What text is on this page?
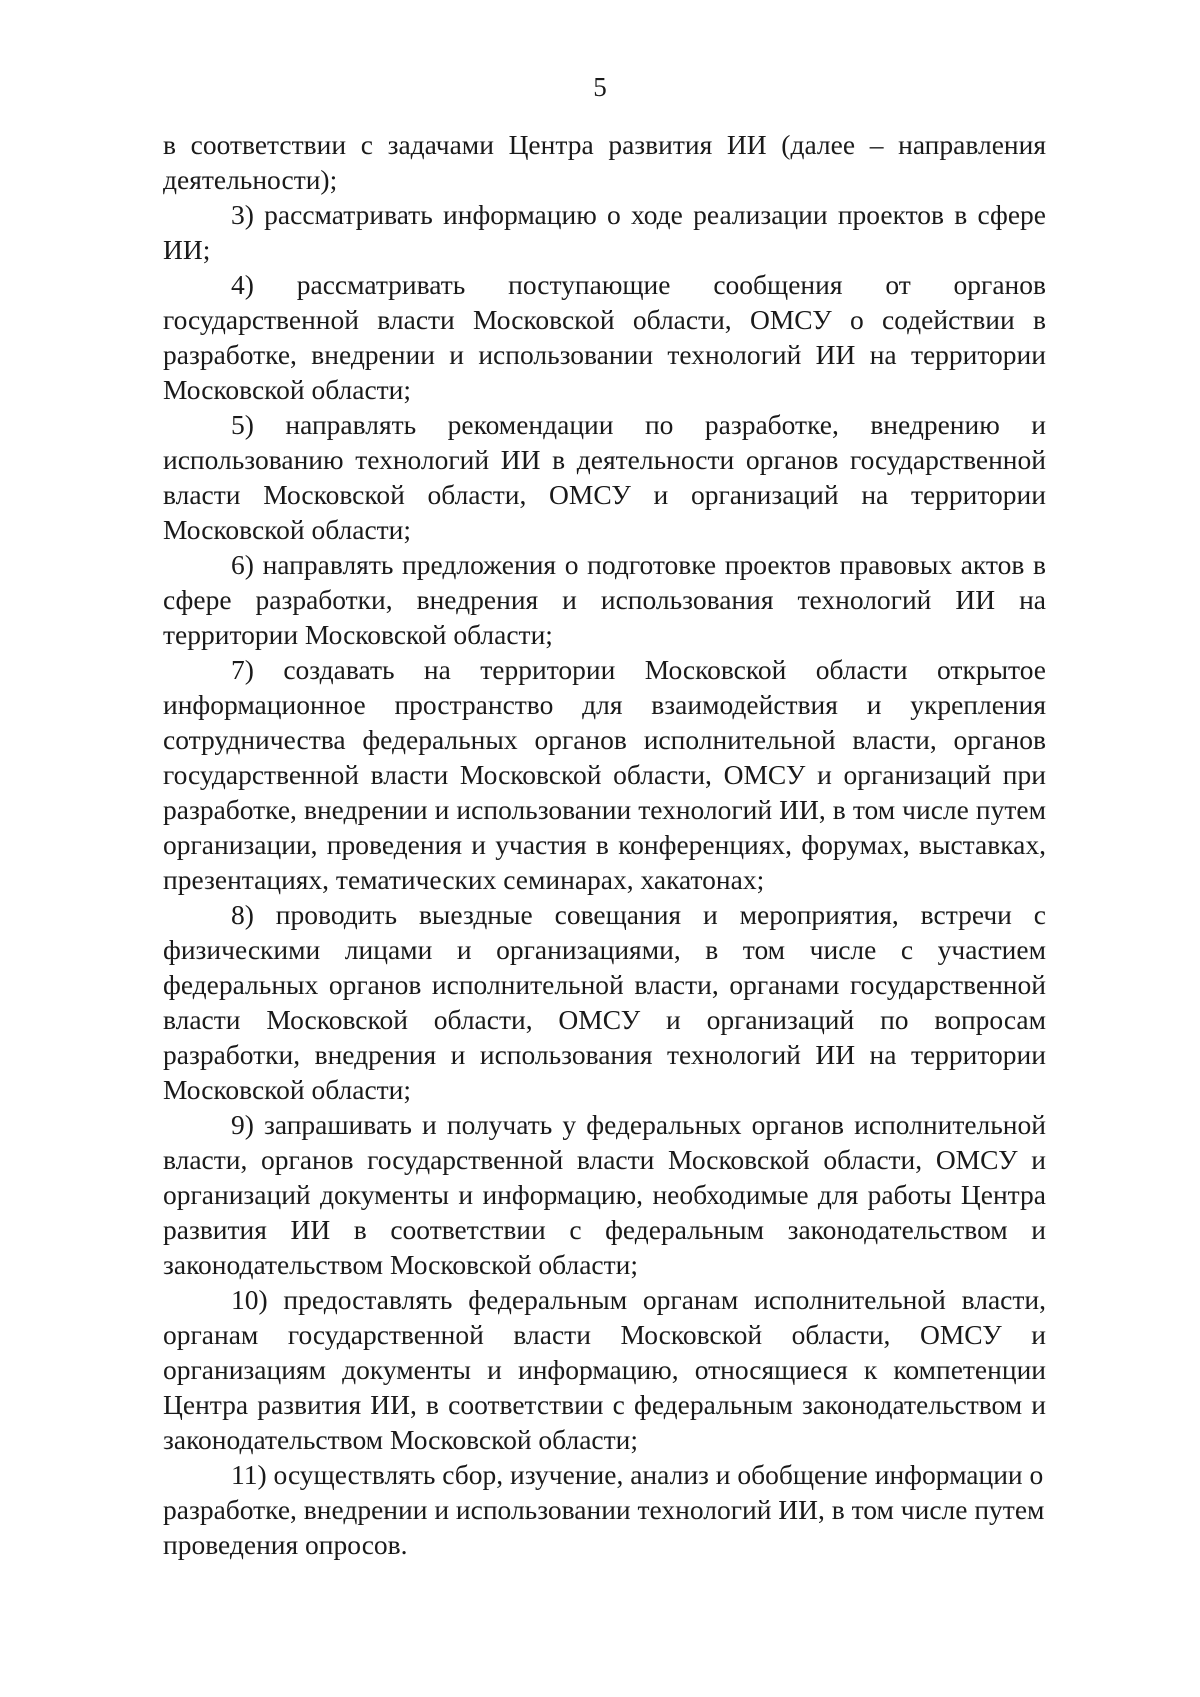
5

в соответствии с задачами Центра развития ИИ (далее – направления деятельности);

3) рассматривать информацию о ходе реализации проектов в сфере ИИ;

4) рассматривать поступающие сообщения от органов государственной власти Московской области, ОМСУ о содействии в разработке, внедрении и использовании технологий ИИ на территории Московской области;

5) направлять рекомендации по разработке, внедрению и использованию технологий ИИ в деятельности органов государственной власти Московской области, ОМСУ и организаций на территории Московской области;

6) направлять предложения о подготовке проектов правовых актов в сфере разработки, внедрения и использования технологий ИИ на территории Московской области;

7) создавать на территории Московской области открытое информационное пространство для взаимодействия и укрепления сотрудничества федеральных органов исполнительной власти, органов государственной власти Московской области, ОМСУ и организаций при разработке, внедрении и использовании технологий ИИ, в том числе путем организации, проведения и участия в конференциях, форумах, выставках, презентациях, тематических семинарах, хакатонах;

8) проводить выездные совещания и мероприятия, встречи с физическими лицами и организациями, в том числе с участием федеральных органов исполнительной власти, органами государственной власти Московской области, ОМСУ и организаций по вопросам разработки, внедрения и использования технологий ИИ на территории Московской области;

9) запрашивать и получать у федеральных органов исполнительной власти, органов государственной власти Московской области, ОМСУ и организаций документы и информацию, необходимые для работы Центра развития ИИ в соответствии с федеральным законодательством и законодательством Московской области;

10) предоставлять федеральным органам исполнительной власти, органам государственной власти Московской области, ОМСУ и организациям документы и информацию, относящиеся к компетенции Центра развития ИИ, в соответствии с федеральным законодательством и законодательством Московской области;

11) осуществлять сбор, изучение, анализ и обобщение информации о разработке, внедрении и использовании технологий ИИ, в том числе путем проведения опросов.
